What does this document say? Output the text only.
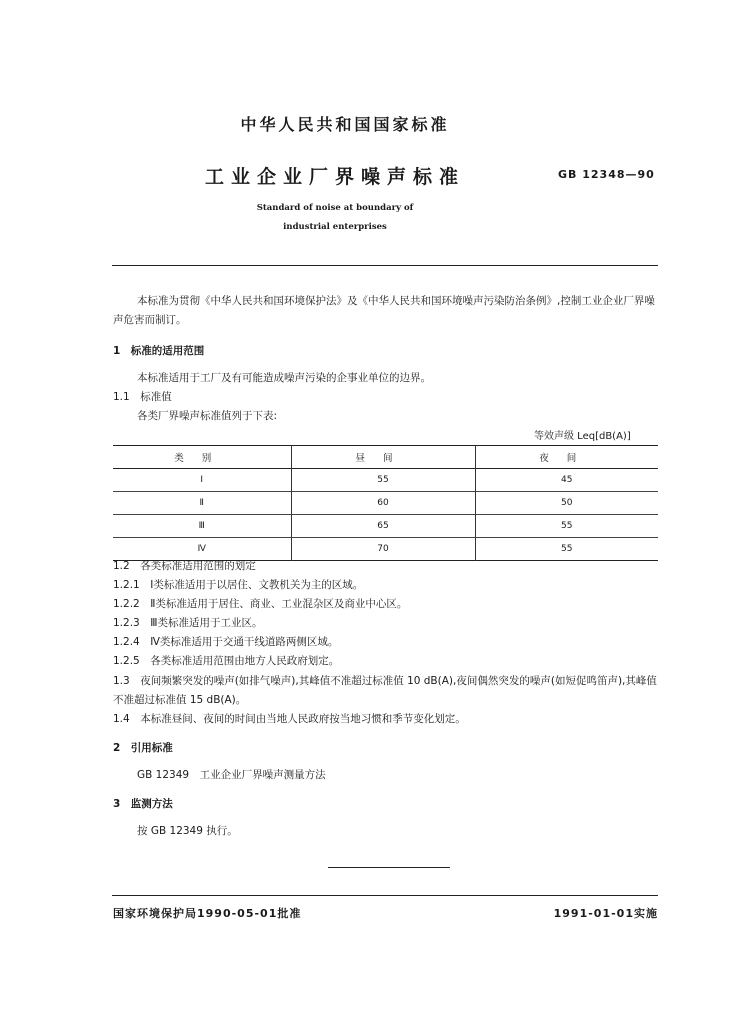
中华人民共和国国家标准
工业企业厂界噪声标准	GB 12348—90
Standard of noise at boundary of
industrial enterprises
本标准为贯彻《中华人民共和国环境保护法》及《中华人民共和国环境噪声污染防治条例》,控制工业企业厂界噪声危害而制订。
1　标准的适用范围
本标准适用于工厂及有可能造成噪声污染的企事业单位的边界。
1.1　标准值
各类厂界噪声标准值列于下表:
等效声级 Leq[dB(A)]
类别	昼间	夜间
Ⅰ	55	45
Ⅱ	60	50
Ⅲ	65	55
Ⅳ	70	55
1.2　各类标准适用范围的划定
1.2.1　Ⅰ类标准适用于以居住、文教机关为主的区域。
1.2.2　Ⅱ类标准适用于居住、商业、工业混杂区及商业中心区。
1.2.3　Ⅲ类标准适用于工业区。
1.2.4　Ⅳ类标准适用于交通干线道路两侧区域。
1.2.5　各类标准适用范围由地方人民政府划定。
1.3　夜间频繁突发的噪声(如排气噪声),其峰值不准超过标准值 10 dB(A),夜间偶然突发的噪声(如短促鸣笛声),其峰值不准超过标准值 15 dB(A)。
1.4　本标准昼间、夜间的时间由当地人民政府按当地习惯和季节变化划定。
2　引用标准
GB 12349　工业企业厂界噪声测量方法
3　监测方法
按 GB 12349 执行。
国家环境保护局1990-05-01批准	1991-01-01实施
